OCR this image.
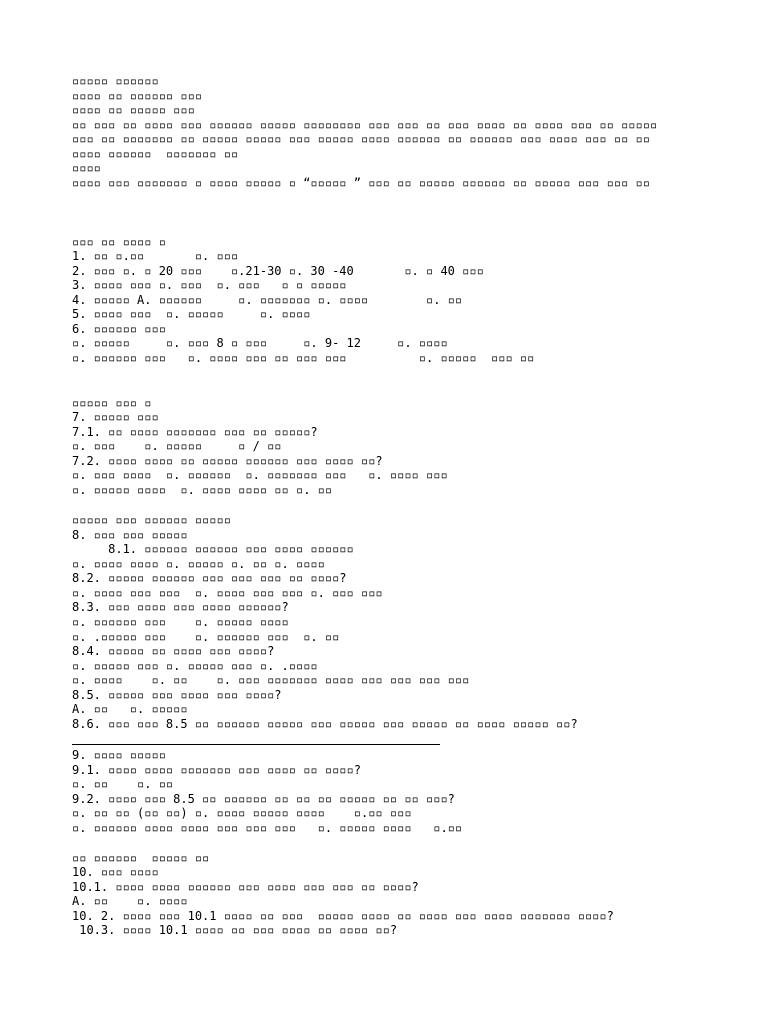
▫▫▫▫▫ ▫▫▫▫▫▫
▫▫▫▫ ▫▫ ▫▫▫▫▫▫ ▫▫▫
▫▫▫▫ ▫▫ ▫▫▫▫▫ ▫▫▫
▫▫ ▫▫▫ ▫▫ ▫▫▫▫ ▫▫▫ ▫▫▫▫▫▫ ▫▫▫▫▫ ▫▫▫▫▫▫▫▫ ▫▫▫ ▫▫▫ ▫▫ ▫▫▫ ▫▫▫▫ ▫▫ ▫▫▫▫ ▫▫▫ ▫▫ ▫▫▫▫▫
▫▫▫ ▫▫ ▫▫▫▫▫▫▫ ▫▫ ▫▫▫▫▫ ▫▫▫▫▫ ▫▫▫ ▫▫▫▫▫ ▫▫▫▫ ▫▫▫▫▫▫ ▫▫ ▫▫▫▫▫▫ ▫▫▫ ▫▫▫▫ ▫▫▫ ▫▫ ▫▫
▫▫▫▫ ▫▫▫▫▫▫  ▫▫▫▫▫▫▫ ▫▫
▫▫▫▫
▫▫▫▫ ▫▫▫ ▫▫▫▫▫▫▫ ▫ ▫▫▫▫ ▫▫▫▫▫ ▫ “▫▫▫▫▫ ” ▫▫▫ ▫▫ ▫▫▫▫▫ ▫▫▫▫▫▫ ▫▫ ▫▫▫▫▫ ▫▫▫ ▫▫▫ ▫▫
▫▫▫ ▫▫ ▫▫▫▫ ▫
1. ▫▫ ▫.▫▫       ▫. ▫▫▫
2. ▫▫▫ ▫. ▫ 20 ▫▫▫    ▫.21-30 ▫. 30 -40       ▫. ▫ 40 ▫▫▫
3. ▫▫▫▫ ▫▫▫ ▫. ▫▫▫  ▫. ▫▫▫   ▫ ▫ ▫▫▫▫▫
4. ▫▫▫▫▫ A. ▫▫▫▫▫▫     ▫. ▫▫▫▫▫▫▫ ▫. ▫▫▫▫        ▫. ▫▫
5. ▫▫▫▫ ▫▫▫  ▫. ▫▫▫▫▫     ▫. ▫▫▫▫
6. ▫▫▫▫▫▫ ▫▫▫
▫. ▫▫▫▫▫     ▫. ▫▫▫ 8 ▫ ▫▫▫     ▫. 9- 12     ▫. ▫▫▫▫
▫. ▫▫▫▫▫▫ ▫▫▫   ▫. ▫▫▫▫ ▫▫▫ ▫▫ ▫▫▫ ▫▫▫          ▫. ▫▫▫▫▫  ▫▫▫ ▫▫
▫▫▫▫▫ ▫▫▫ ▫
7. ▫▫▫▫▫ ▫▫▫
7.1. ▫▫ ▫▫▫▫ ▫▫▫▫▫▫▫ ▫▫▫ ▫▫ ▫▫▫▫▫?
▫. ▫▫▫    ▫. ▫▫▫▫▫     ▫ / ▫▫
7.2. ▫▫▫▫ ▫▫▫▫ ▫▫ ▫▫▫▫▫ ▫▫▫▫▫▫ ▫▫▫ ▫▫▫▫ ▫▫?
▫. ▫▫▫ ▫▫▫▫  ▫. ▫▫▫▫▫▫  ▫. ▫▫▫▫▫▫▫ ▫▫▫   ▫. ▫▫▫▫ ▫▫▫
▫. ▫▫▫▫▫ ▫▫▫▫  ▫. ▫▫▫▫ ▫▫▫▫ ▫▫ ▫. ▫▫
▫▫▫▫▫ ▫▫▫ ▫▫▫▫▫▫ ▫▫▫▫▫
8. ▫▫▫ ▫▫▫ ▫▫▫▫▫
8.1. ▫▫▫▫▫▫ ▫▫▫▫▫▫ ▫▫▫ ▫▫▫▫ ▫▫▫▫▫▫
▫. ▫▫▫▫ ▫▫▫▫ ▫. ▫▫▫▫▫ ▫. ▫▫ ▫. ▫▫▫▫
8.2. ▫▫▫▫▫ ▫▫▫▫▫▫ ▫▫▫ ▫▫▫ ▫▫▫ ▫▫ ▫▫▫▫?
▫. ▫▫▫▫ ▫▫▫ ▫▫▫  ▫. ▫▫▫▫ ▫▫▫ ▫▫▫ ▫. ▫▫▫ ▫▫▫
8.3. ▫▫▫ ▫▫▫▫ ▫▫▫ ▫▫▫▫ ▫▫▫▫▫▫?
▫. ▫▫▫▫▫▫ ▫▫▫    ▫. ▫▫▫▫▫ ▫▫▫▫
▫. .▫▫▫▫▫ ▫▫▫    ▫. ▫▫▫▫▫▫ ▫▫▫  ▫. ▫▫
8.4. ▫▫▫▫▫ ▫▫ ▫▫▫▫ ▫▫▫ ▫▫▫▫?
▫. ▫▫▫▫▫ ▫▫▫ ▫. ▫▫▫▫▫ ▫▫▫ ▫. .▫▫▫▫
▫. ▫▫▫▫    ▫. ▫▫    ▫. ▫▫▫ ▫▫▫▫▫▫▫ ▫▫▫▫ ▫▫▫ ▫▫▫ ▫▫▫ ▫▫▫
8.5. ▫▫▫▫▫ ▫▫▫ ▫▫▫▫ ▫▫▫ ▫▫▫▫?
A. ▫▫   ▫. ▫▫▫▫▫
8.6. ▫▫▫ ▫▫▫ 8.5 ▫▫ ▫▫▫▫▫▫ ▫▫▫▫▫ ▫▫▫ ▫▫▫▫▫ ▫▫▫ ▫▫▫▫▫ ▫▫ ▫▫▫▫ ▫▫▫▫▫ ▫▫?
9. ▫▫▫▫ ▫▫▫▫▫
9.1. ▫▫▫▫ ▫▫▫▫ ▫▫▫▫▫▫▫ ▫▫▫ ▫▫▫▫ ▫▫ ▫▫▫▫?
▫. ▫▫    ▫. ▫▫
9.2. ▫▫▫▫ ▫▫▫ 8.5 ▫▫ ▫▫▫▫▫▫ ▫▫ ▫▫ ▫▫ ▫▫▫▫▫ ▫▫ ▫▫ ▫▫▫?
▫. ▫▫ ▫▫ (▫▫ ▫▫) ▫. ▫▫▫▫ ▫▫▫▫▫ ▫▫▫▫    ▫.▫▫ ▫▫▫
▫. ▫▫▫▫▫▫ ▫▫▫▫ ▫▫▫▫ ▫▫▫ ▫▫▫ ▫▫▫   ▫. ▫▫▫▫▫ ▫▫▫▫   ▫.▫▫
▫▫ ▫▫▫▫▫▫  ▫▫▫▫▫ ▫▫
10. ▫▫▫ ▫▫▫▫
10.1. ▫▫▫▫ ▫▫▫▫ ▫▫▫▫▫▫ ▫▫▫ ▫▫▫▫ ▫▫▫ ▫▫▫ ▫▫ ▫▫▫▫?
A. ▫▫    ▫. ▫▫▫▫
10. 2. ▫▫▫▫ ▫▫▫ 10.1 ▫▫▫▫ ▫▫ ▫▫▫  ▫▫▫▫▫ ▫▫▫▫ ▫▫ ▫▫▫▫ ▫▫▫ ▫▫▫▫ ▫▫▫▫▫▫▫ ▫▫▫▫?
10.3. ▫▫▫▫ 10.1 ▫▫▫▫ ▫▫ ▫▫▫ ▫▫▫▫ ▫▫ ▫▫▫▫ ▫▫?
